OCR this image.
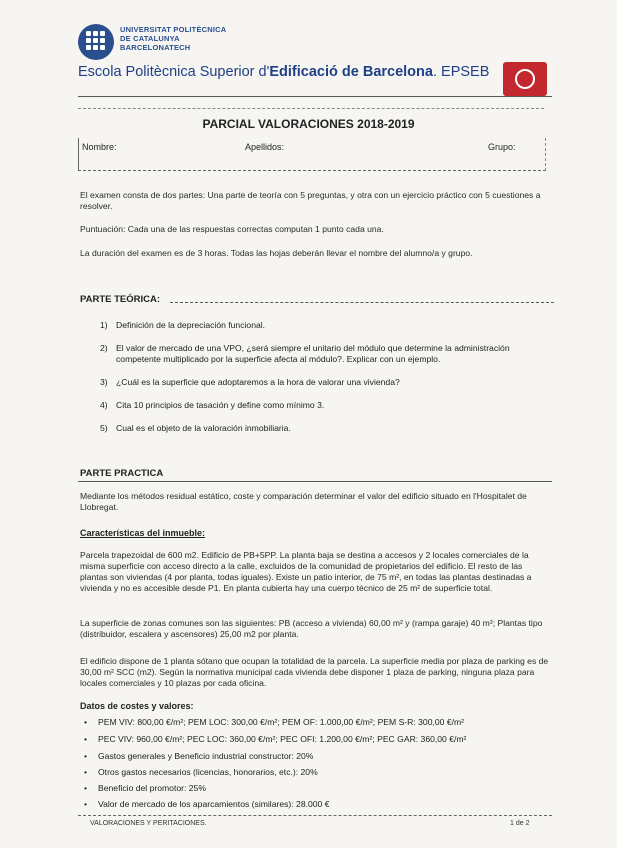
UNIVERSITAT POLITÈCNICA
DE CATALUNYA
BARCELONATECH
Escola Politècnica Superior d'Edificació de Barcelona. EPSEB
PARCIAL VALORACIONES 2018-2019
Nombre:	Apellidos:	Grupo:
El examen consta de dos partes: Una parte de teoría con 5 preguntas, y otra con un ejercicio práctico con 5 cuestiones a resolver.
Puntuación: Cada una de las respuestas correctas computan 1 punto cada una.
La duración del examen es de 3 horas. Todas las hojas deberán llevar el nombre del alumno/a y grupo.
PARTE TEÓRICA:
1) Definición de la depreciación funcional.
2) El valor de mercado de una VPO, ¿será siempre el unitario del módulo que determine la administración competente multiplicado por la superficie afecta al módulo?. Explicar con un ejemplo.
3) ¿Cuál es la superficie que adoptaremos a la hora de valorar una vivienda?
4) Cita 10 principios de tasación y define como mínimo 3.
5) Cual es el objeto de la valoración inmobiliaria.
PARTE PRACTICA
Mediante los métodos residual estático, coste y comparación determinar el valor del edificio situado en l'Hospitalet de Llobregat.
Características del inmueble:
Parcela trapezoidal de 600 m2. Edificio de PB+5PP. La planta baja se destina a accesos y 2 locales comerciales de la misma superficie con acceso directo a la calle, excluidos de la comunidad de propietarios del edificio. El resto de las plantas son viviendas (4 por planta, todas iguales). Existe un patio interior, de 75 m², en todas las plantas destinadas a vivienda y no es accesible desde P1. En planta cubierta hay una cuerpo técnico de 25 m² de superficie total.
La superficie de zonas comunes son las siguientes: PB (acceso a vivienda) 60,00 m² y (rampa garaje) 40 m²; Plantas tipo (distribuidor, escalera y ascensores) 25,00 m2 por planta.
El edificio dispone de 1 planta sótano que ocupan la totalidad de la parcela. La superficie media por plaza de parking es de 30,00 m² SCC (m2). Según la normativa municipal cada vivienda debe disponer 1 plaza de parking, ninguna plaza para locales comerciales y 10 plazas por cada oficina.
Datos de costes y valores:
• PEM VIV: 800,00 €/m²; PEM LOC: 300,00 €/m²; PEM OF: 1.000,00 €/m²; PEM S-R: 300,00 €/m²
• PEC VIV: 960,00 €/m²; PEC LOC: 360,00 €/m²; PEC OFI: 1.200,00 €/m²; PEC GAR: 360,00 €/m²
• Gastos generales y Beneficio industrial constructor: 20%
• Otros gastos necesarios (licencias, honorarios, etc.): 20%
• Beneficio del promotor: 25%
• Valor de mercado de los aparcamientos (similares): 28.000 €
VALORACIONES Y PERITACIONES.	1 de 2
